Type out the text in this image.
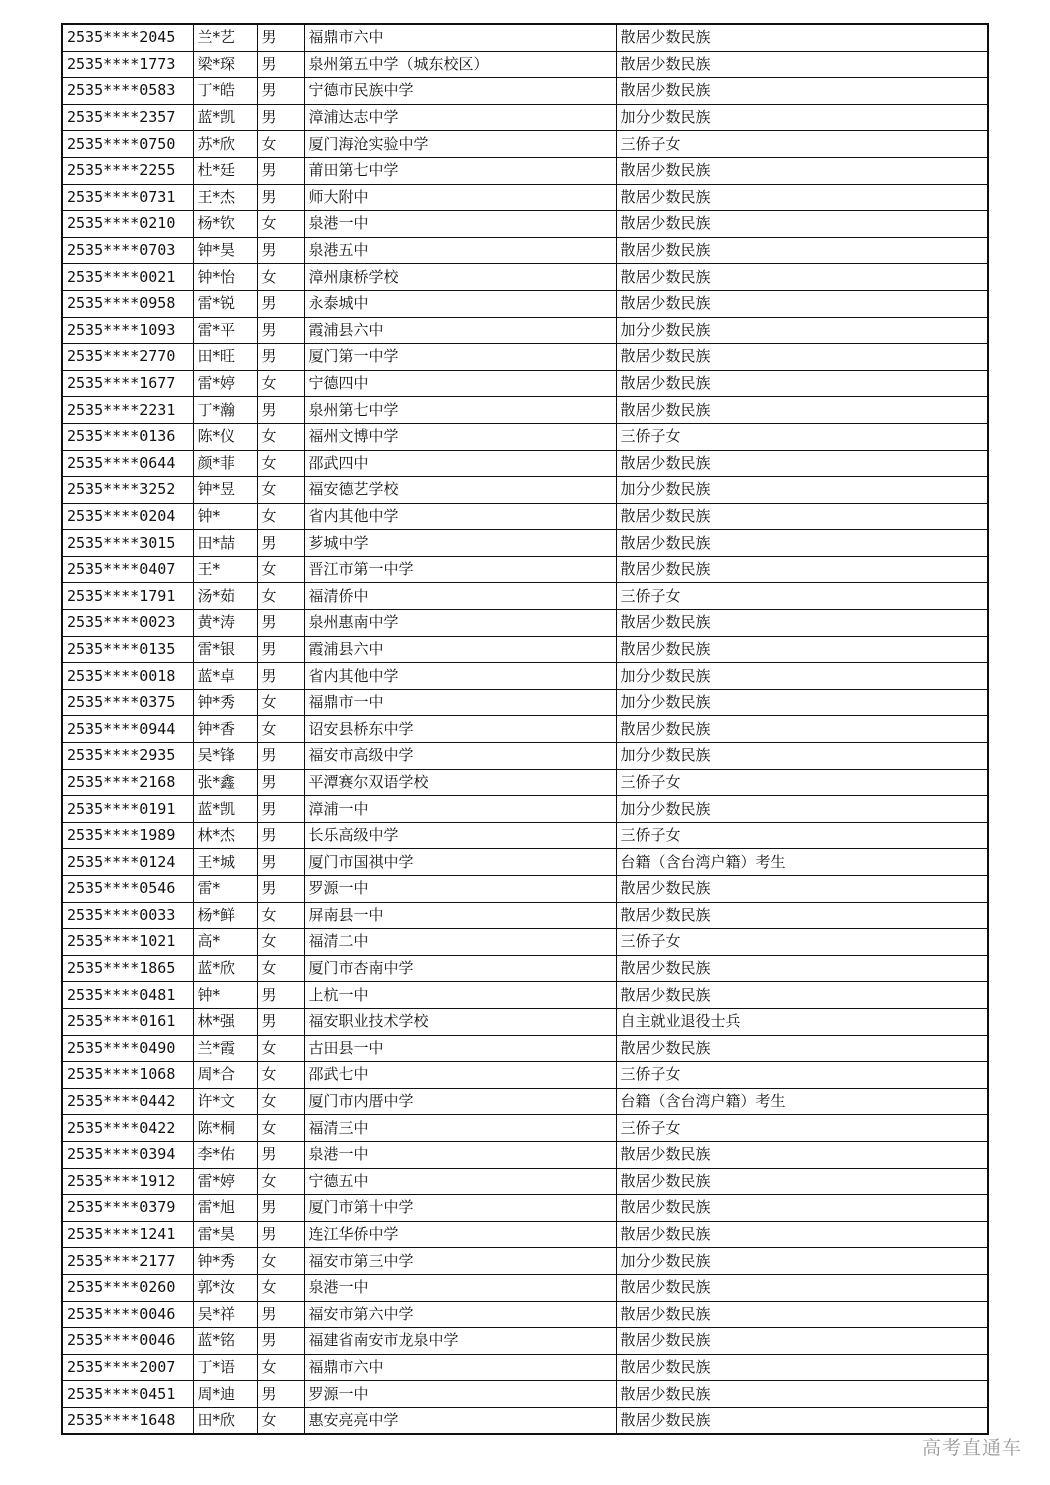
2535****2045	兰*艺	男	福鼎市六中	散居少数民族
2535****1773	梁*琛	男	泉州第五中学（城东校区）	散居少数民族
2535****0583	丁*皓	男	宁德市民族中学	散居少数民族
2535****2357	蓝*凯	男	漳浦达志中学	加分少数民族
2535****0750	苏*欣	女	厦门海沧实验中学	三侨子女
2535****2255	杜*廷	男	莆田第七中学	散居少数民族
2535****0731	王*杰	男	师大附中	散居少数民族
2535****0210	杨*钦	女	泉港一中	散居少数民族
2535****0703	钟*昊	男	泉港五中	散居少数民族
2535****0021	钟*怡	女	漳州康桥学校	散居少数民族
2535****0958	雷*锐	男	永泰城中	散居少数民族
2535****1093	雷*平	男	霞浦县六中	加分少数民族
2535****2770	田*旺	男	厦门第一中学	散居少数民族
2535****1677	雷*婷	女	宁德四中	散居少数民族
2535****2231	丁*瀚	男	泉州第七中学	散居少数民族
2535****0136	陈*仪	女	福州文博中学	三侨子女
2535****0644	颜*菲	女	邵武四中	散居少数民族
2535****3252	钟*昱	女	福安德艺学校	加分少数民族
2535****0204	钟*	女	省内其他中学	散居少数民族
2535****3015	田*喆	男	芗城中学	散居少数民族
2535****0407	王*	女	晋江市第一中学	散居少数民族
2535****1791	汤*茹	女	福清侨中	三侨子女
2535****0023	黄*涛	男	泉州惠南中学	散居少数民族
2535****0135	雷*银	男	霞浦县六中	散居少数民族
2535****0018	蓝*卓	男	省内其他中学	加分少数民族
2535****0375	钟*秀	女	福鼎市一中	加分少数民族
2535****0944	钟*香	女	诏安县桥东中学	散居少数民族
2535****2935	吴*锋	男	福安市高级中学	加分少数民族
2535****2168	张*鑫	男	平潭赛尔双语学校	三侨子女
2535****0191	蓝*凯	男	漳浦一中	加分少数民族
2535****1989	林*杰	男	长乐高级中学	三侨子女
2535****0124	王*城	男	厦门市国祺中学	台籍（含台湾户籍）考生
2535****0546	雷*	男	罗源一中	散居少数民族
2535****0033	杨*鲜	女	屏南县一中	散居少数民族
2535****1021	高*	女	福清二中	三侨子女
2535****1865	蓝*欣	女	厦门市杏南中学	散居少数民族
2535****0481	钟*	男	上杭一中	散居少数民族
2535****0161	林*强	男	福安职业技术学校	自主就业退役士兵
2535****0490	兰*霞	女	古田县一中	散居少数民族
2535****1068	周*合	女	邵武七中	三侨子女
2535****0442	许*文	女	厦门市内厝中学	台籍（含台湾户籍）考生
2535****0422	陈*桐	女	福清三中	三侨子女
2535****0394	李*佑	男	泉港一中	散居少数民族
2535****1912	雷*婷	女	宁德五中	散居少数民族
2535****0379	雷*旭	男	厦门市第十中学	散居少数民族
2535****1241	雷*昊	男	连江华侨中学	散居少数民族
2535****2177	钟*秀	女	福安市第三中学	加分少数民族
2535****0260	郭*汝	女	泉港一中	散居少数民族
2535****0046	吴*祥	男	福安市第六中学	散居少数民族
2535****0046	蓝*铭	男	福建省南安市龙泉中学	散居少数民族
2535****2007	丁*语	女	福鼎市六中	散居少数民族
2535****0451	周*迪	男	罗源一中	散居少数民族
2535****1648	田*欣	女	惠安亮亮中学	散居少数民族
高考直通车
